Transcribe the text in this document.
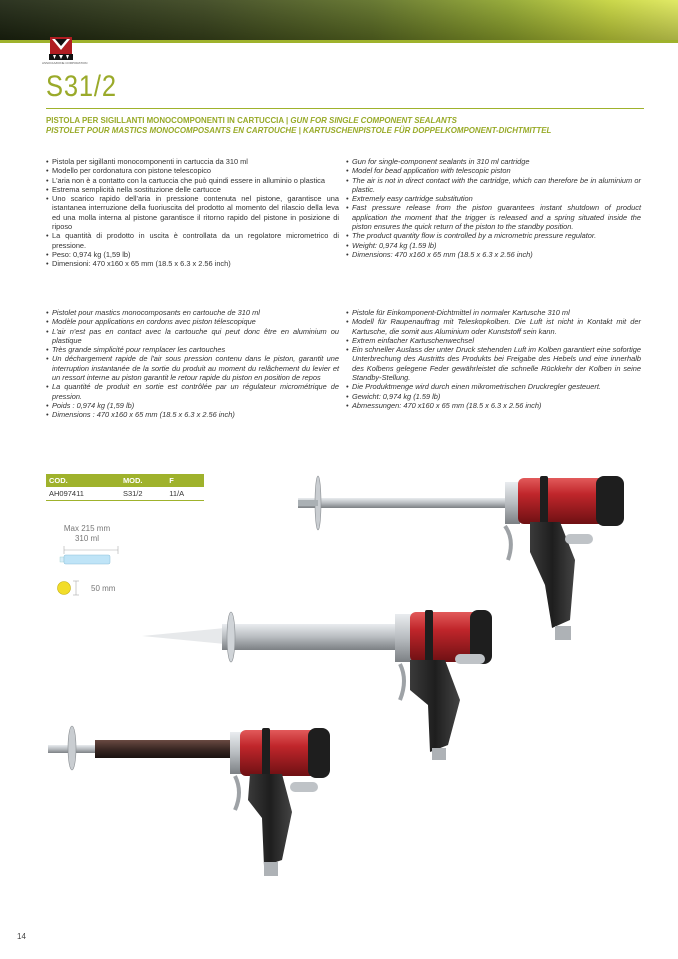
ASSOCIAZIONE CORPORATION
S31/2
PISTOLA PER SIGILLANTI MONOCOMPONENTI IN CARTUCCIA | GUN FOR SINGLE COMPONENT SEALANTS
PISTOLET POUR MASTICS MONOCOMPOSANTS EN CARTOUCHE | KARTUSCHENPISTOLE FÜR DOPPELKOMPONENT-DICHTMITTEL
• Pistola per sigillanti monocomponenti in cartuccia da 310 ml
• Modello per cordonatura con pistone telescopico
• L'aria non è a contatto con la cartuccia che può quindi essere in alluminio o plastica
• Estrema semplicità nella sostituzione delle cartucce
• Uno scarico rapido dell'aria in pressione contenuta nel pistone, garantisce una istantanea interruzione della fuoriuscita del prodotto al momento del rilascio della leva ed una molla interna al pistone garantisce il ritorno rapido del pistone in posizione di riposo
• La quantità di prodotto in uscita è controllata da un regolatore micrometrico di pressione.
• Peso: 0,974 kg (1,59 lb)
• Dimensioni: 470 x160 x 65 mm (18.5 x 6.3 x 2.56 inch)
• Gun for single-component sealants in 310 ml cartridge
• Model for bead application with telescopic piston
• The air is not in direct contact with the cartridge, which can therefore be in aluminium or plastic.
• Extremely easy cartridge substitution
• Fast pressure release from the piston guarantees instant shutdown of product application the moment that the trigger is released and a spring situated inside the piston ensures the quick return of the piston to the standby position.
• The product quantity flow is controlled by a micrometric pressure regulator.
• Weight: 0,974 kg (1.59 lb)
• Dimensions: 470 x160 x 65 mm (18.5 x 6.3 x 2.56 inch)
• Pistolet pour mastics monocomposants en cartouche de 310 ml
• Modèle pour applications en cordons avec piston télescopique
• L'air n'est pas en contact avec la cartouche qui peut donc être en aluminium ou plastique
• Très grande simplicité pour remplacer les cartouches
• Un déchargement rapide de l'air sous pression contenu dans le piston, garantit une interruption instantanée de la sortie du produit au moment du relâchement du levier et un ressort interne au piston garantit le retour rapide du piston en position de repos
• La quantité de produit en sortie est contrôlée par un régulateur micrométrique de pression.
• Poids : 0,974 kg (1,59 lb)
• Dimensions : 470 x160 x 65 mm (18.5 x 6.3 x 2.56 inch)
• Pistole für Einkomponent-Dichtmittel in normaler Kartusche 310 ml
• Modell für Raupenauftrag mit Teleskopkolben. Die Luft ist nicht in Kontakt mit der Kartusche, die somit aus Aluminium oder Kunststoff sein kann.
• Extrem einfacher Kartuschenwechsel
• Ein schneller Auslass der unter Druck stehenden Luft im Kolben garantiert eine sofortige Unterbrechung des Austritts des Produkts bei Freigabe des Hebels und eine innerhalb des Kolbens gelegene Feder gewährleistet die schnelle Rückkehr der Kolben in seine Standby-Stellung.
• Die Produktmenge wird durch einen mikrometrischen Druckregler gesteuert.
• Gewicht: 0,974 kg (1.59 lb)
• Abmessungen: 470 x160 x 65 mm (18.5 x 6.3 x 2.56 inch)
COD.	MOD.	F
AH097411	S31/2	11/A
Max 215 mm
310 ml
50 mm
14
